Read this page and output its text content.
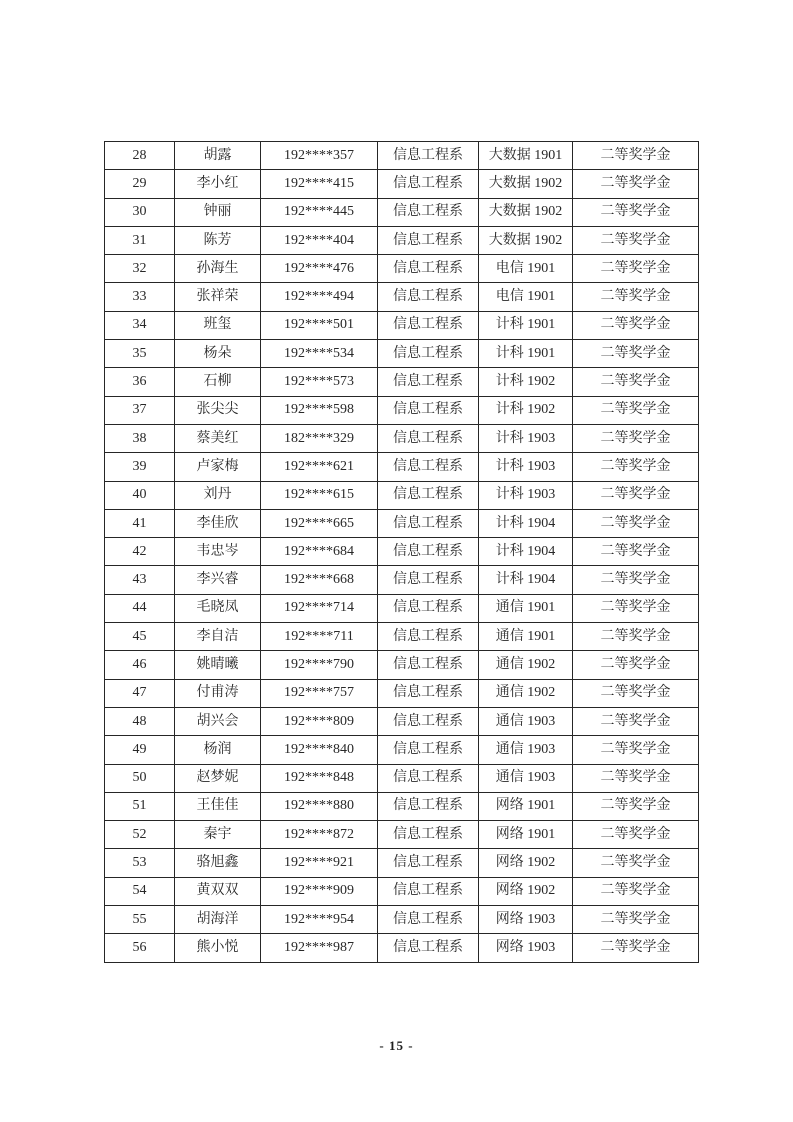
28	胡露	192****357	信息工程系	大数据 1901	二等奖学金
29	李小红	192****415	信息工程系	大数据 1902	二等奖学金
30	钟丽	192****445	信息工程系	大数据 1902	二等奖学金
31	陈芳	192****404	信息工程系	大数据 1902	二等奖学金
32	孙海生	192****476	信息工程系	电信 1901	二等奖学金
33	张祥荣	192****494	信息工程系	电信 1901	二等奖学金
34	班玺	192****501	信息工程系	计科 1901	二等奖学金
35	杨朵	192****534	信息工程系	计科 1901	二等奖学金
36	石柳	192****573	信息工程系	计科 1902	二等奖学金
37	张尖尖	192****598	信息工程系	计科 1902	二等奖学金
38	蔡美红	182****329	信息工程系	计科 1903	二等奖学金
39	卢家梅	192****621	信息工程系	计科 1903	二等奖学金
40	刘丹	192****615	信息工程系	计科 1903	二等奖学金
41	李佳欣	192****665	信息工程系	计科 1904	二等奖学金
42	韦忠岑	192****684	信息工程系	计科 1904	二等奖学金
43	李兴睿	192****668	信息工程系	计科 1904	二等奖学金
44	毛晓凤	192****714	信息工程系	通信 1901	二等奖学金
45	李自洁	192****711	信息工程系	通信 1901	二等奖学金
46	姚晴曦	192****790	信息工程系	通信 1902	二等奖学金
47	付甫涛	192****757	信息工程系	通信 1902	二等奖学金
48	胡兴会	192****809	信息工程系	通信 1903	二等奖学金
49	杨润	192****840	信息工程系	通信 1903	二等奖学金
50	赵梦妮	192****848	信息工程系	通信 1903	二等奖学金
51	王佳佳	192****880	信息工程系	网络 1901	二等奖学金
52	秦宇	192****872	信息工程系	网络 1901	二等奖学金
53	骆旭鑫	192****921	信息工程系	网络 1902	二等奖学金
54	黄双双	192****909	信息工程系	网络 1902	二等奖学金
55	胡海洋	192****954	信息工程系	网络 1903	二等奖学金
56	熊小悦	192****987	信息工程系	网络 1903	二等奖学金
- 15 -
